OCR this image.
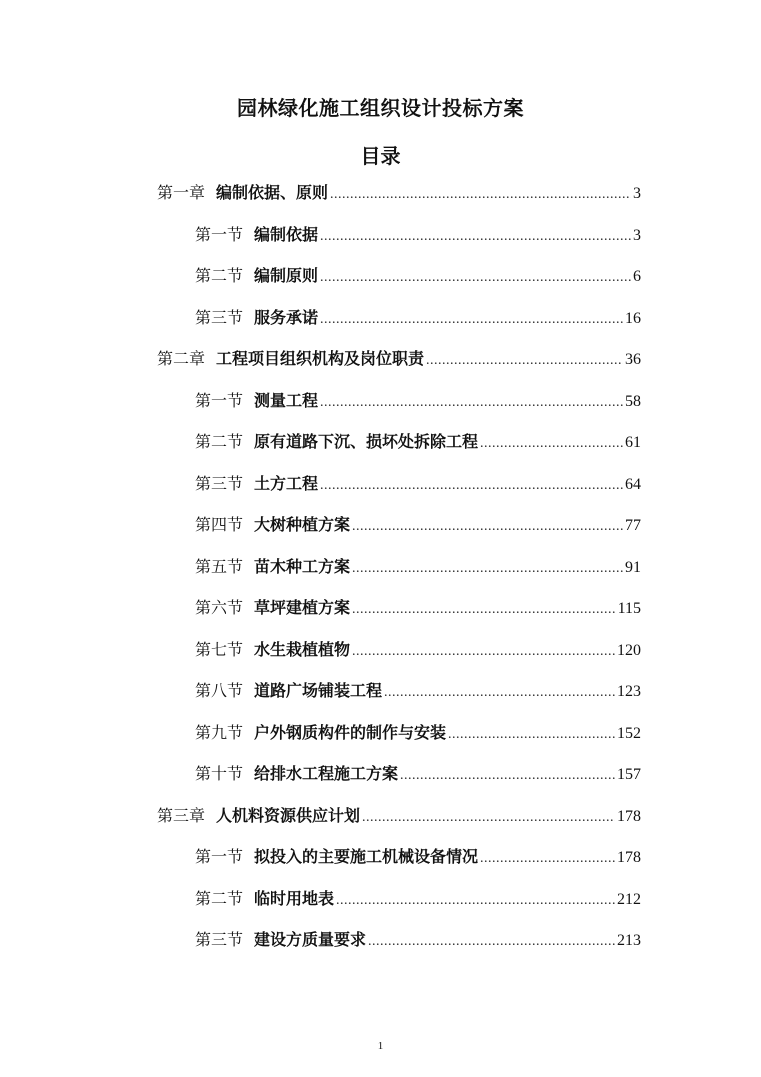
园林绿化施工组织设计投标方案
目录
第一章 编制依据、原则 .....	3
第一节 编制依据 .....	3
第二节 编制原则 .....	6
第三节 服务承诺 .....	16
第二章 工程项目组织机构及岗位职责 .....	36
第一节 测量工程 .....	58
第二节 原有道路下沉、损坏处拆除工程 .....	61
第三节 土方工程 .....	64
第四节 大树种植方案 .....	77
第五节 苗木种工方案 .....	91
第六节 草坪建植方案 .....	115
第七节 水生栽植植物 .....	120
第八节 道路广场铺装工程 .....	123
第九节 户外钢质构件的制作与安装 .....	152
第十节 给排水工程施工方案 .....	157
第三章 人机料资源供应计划 .....	178
第一节 拟投入的主要施工机械设备情况 .....	178
第二节 临时用地表 .....	212
第三节 建设方质量要求 .....	213
1
